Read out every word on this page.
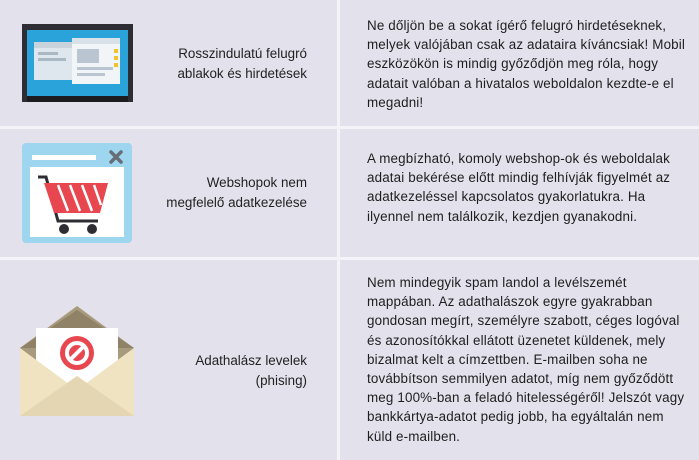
Rosszindulatú felugró
ablakok és hirdetések
Ne dőljön be a sokat ígérő felugró hirdetéseknek, melyek valójában csak az adataira kíváncsiak! Mobil eszközökön is mindig győződjön meg róla, hogy adatait valóban a hivatalos weboldalon kezdte-e el megadni!
Webshopok nem
megfelelő adatkezelése
A megbízható, komoly webshop-ok és weboldalak adatai bekérése előtt mindig felhívják figyelmét az adatkezeléssel kapcsolatos gyakorlatukra. Ha ilyennel nem találkozik, kezdjen gyanakodni.
Adathalász levelek
(phising)
Nem mindegyik spam landol a levélszemét mappában. Az adathalászok egyre gyakrabban gondosan megírt, személyre szabott, céges logóval és azonosítókkal ellátott üzenetet küldenek, mely bizalmat kelt a címzettben. E-mailben soha ne továbbítson semmilyen adatot, míg nem győződött meg 100%-ban a feladó hitelességéről! Jelszót vagy bankkártya-adatot pedig jobb, ha egyáltalán nem küld e-mailben.
